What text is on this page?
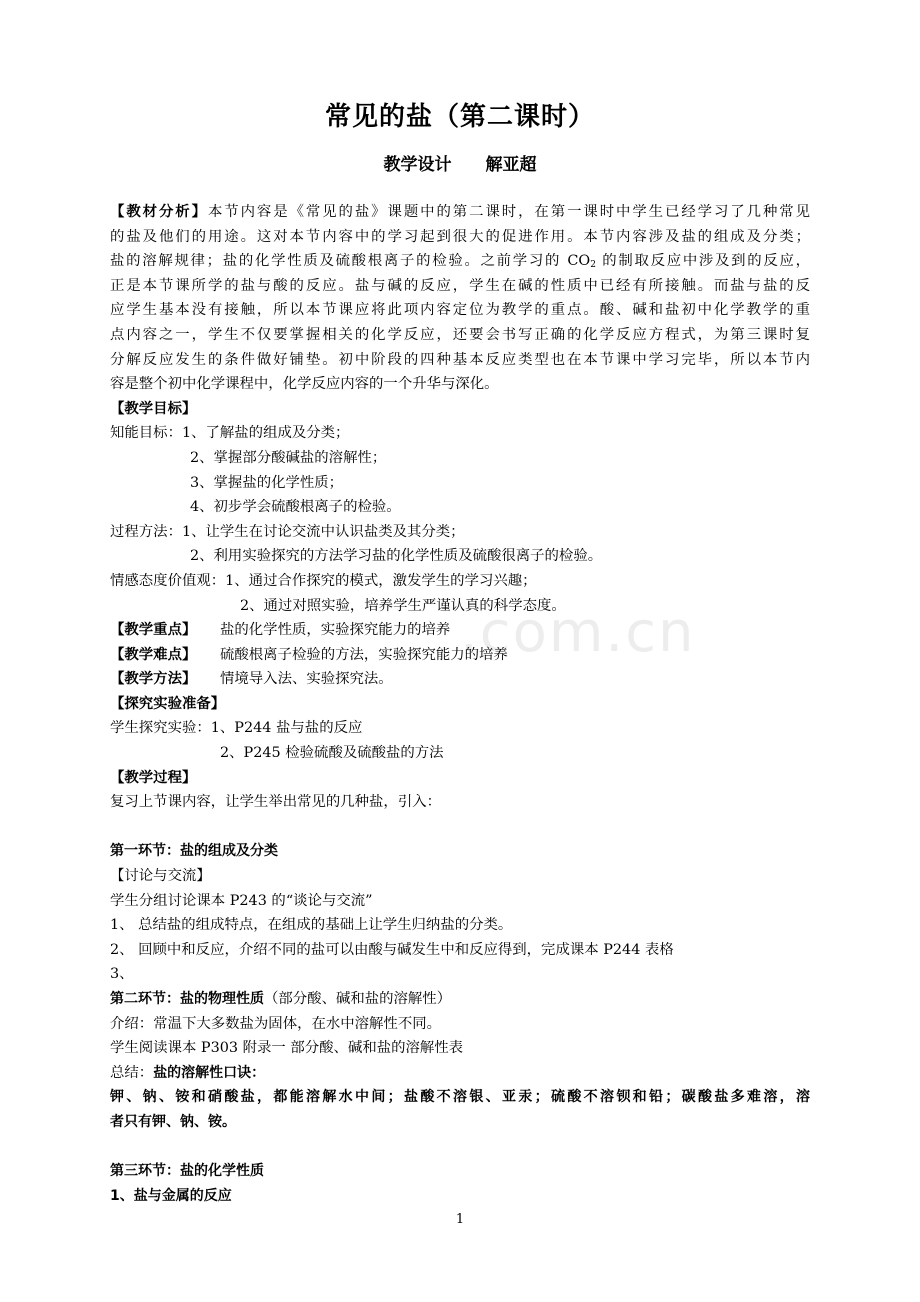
常见的盐（第二课时）
教学设计 解亚超
【教材分析】本节内容是《常见的盐》课题中的第二课时，在第一课时中学生已经学习了几种常见
的盐及他们的用途。这对本节内容中的学习起到很大的促进作用。本节内容涉及盐的组成及分类；
盐的溶解规律；盐的化学性质及硫酸根离子的检验。之前学习的 $CO_2$ 的制取反应中涉及到的反应，
正是本节课所学的盐与酸的反应。盐与碱的反应，学生在碱的性质中已经有所接触。而盐与盐的反
应学生基本没有接触，所以本节课应将此项内容定位为教学的重点。酸、碱和盐初中化学教学的重
点内容之一，学生不仅要掌握相关的化学反应，还要会书写正确的化学反应方程式，为第三课时复
分解反应发生的条件做好铺垫。初中阶段的四种基本反应类型也在本节课中学习完毕，所以本节内
容是整个初中化学课程中，化学反应内容的一个升华与深化。
【教学目标】
知能目标：1、了解盐的组成及分类；
2、掌握部分酸碱盐的溶解性；
3、掌握盐的化学性质；
4、初步学会硫酸根离子的检验。
过程方法：1、让学生在讨论交流中认识盐类及其分类；
2、利用实验探究的方法学习盐的化学性质及硫酸很离子的检验。
情感态度价值观：1、通过合作探究的模式，激发学生的学习兴趣；
2、通过对照实验，培养学生严谨认真的科学态度。
【教学重点】 盐的化学性质，实验探究能力的培养
【教学难点】 硫酸根离子检验的方法，实验探究能力的培养
【教学方法】 情境导入法、实验探究法。
【探究实验准备】
学生探究实验：1、P244 盐与盐的反应
2、P245 检验硫酸及硫酸盐的方法
【教学过程】
复习上节课内容，让学生举出常见的几种盐，引入：
第一环节：盐的组成及分类
【讨论与交流】
学生分组讨论课本 P243 的“谈论与交流”
1、 总结盐的组成特点，在组成的基础上让学生归纳盐的分类。
2、 回顾中和反应，介绍不同的盐可以由酸与碱发生中和反应得到，完成课本 P244 表格
3、
第二环节：盐的物理性质（部分酸、碱和盐的溶解性）
介绍：常温下大多数盐为固体，在水中溶解性不同。
学生阅读课本 P303 附录一 部分酸、碱和盐的溶解性表
总结：盐的溶解性口诀：
钾、钠、铵和硝酸盐，都能溶解水中间；盐酸不溶银、亚汞；硫酸不溶钡和铅；碳酸盐多难溶，溶
者只有钾、钠、铵。
第三环节：盐的化学性质
1、盐与金属的反应
.com.cn
1
